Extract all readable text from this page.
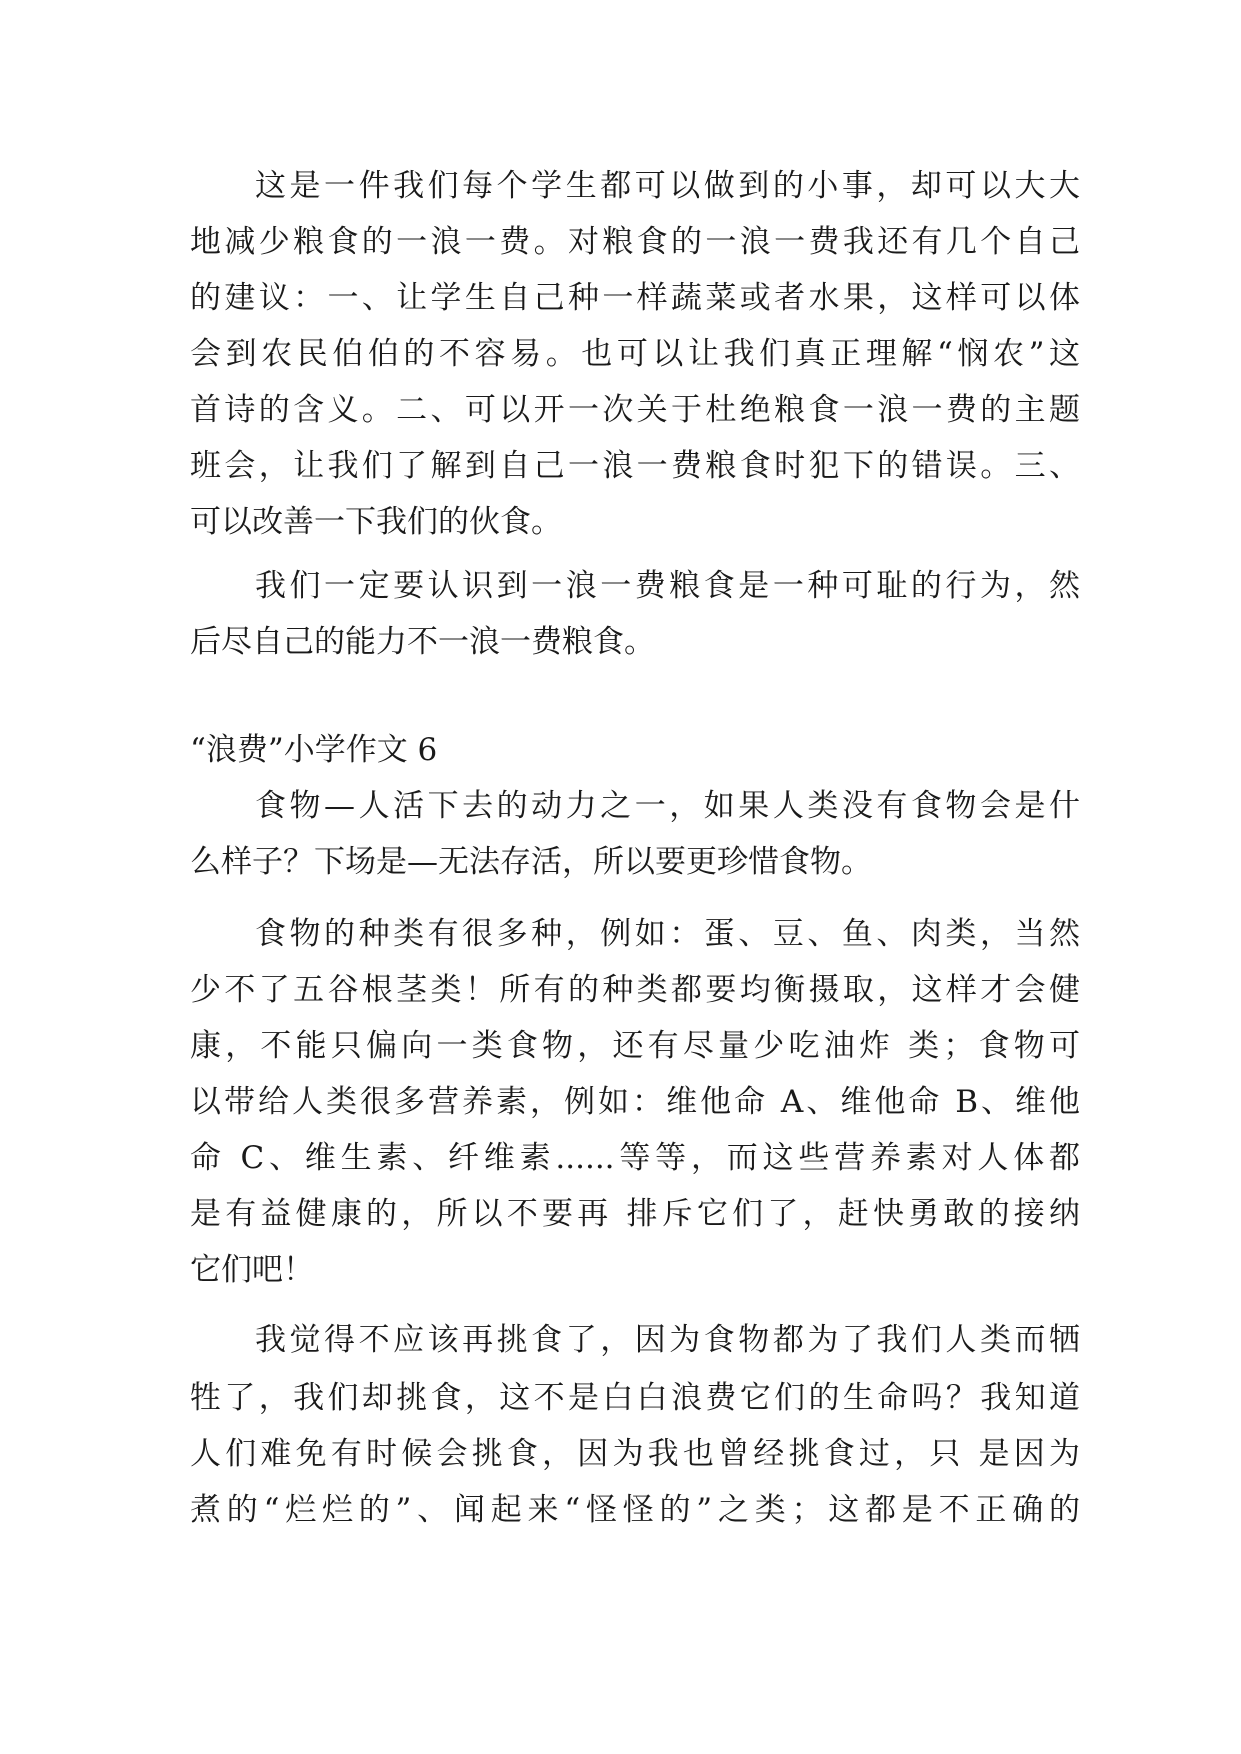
这是一件我们每个学生都可以做到的小事，却可以大大
地减少粮食的一浪一费。对粮食的一浪一费我还有几个自己
的建议：一、让学生自己种一样蔬菜或者水果，这样可以体
会到农民伯伯的不容易。也可以让我们真正理解“悯农”这
首诗的含义。二、可以开一次关于杜绝粮食一浪一费的主题
班会，让我们了解到自己一浪一费粮食时犯下的错误。三、
可以改善一下我们的伙食。
我们一定要认识到一浪一费粮食是一种可耻的行为，然
后尽自己的能力不一浪一费粮食。
“浪费”小学作文 6
食物—人活下去的动力之一，如果人类没有食物会是什
么样子？下场是—无法存活，所以要更珍惜食物。
食物的种类有很多种，例如：蛋、豆、鱼、肉类，当然
少不了五谷根茎类！所有的种类都要均衡摄取，这样才会健
康，不能只偏向一类食物，还有尽量少吃油炸 类；食物可
以带给人类很多营养素，例如：维他命 A、维他命 B、维他
命 C、维生素、纤维素......等等，而这些营养素对人体都
是有益健康的，所以不要再 排斥它们了，赶快勇敢的接纳
它们吧！
我觉得不应该再挑食了，因为食物都为了我们人类而牺
牲了，我们却挑食，这不是白白浪费它们的生命吗？我知道
人们难免有时候会挑食，因为我也曾经挑食过，只 是因为
煮的“烂烂的”、闻起来“怪怪的”之类；这都是不正确的
